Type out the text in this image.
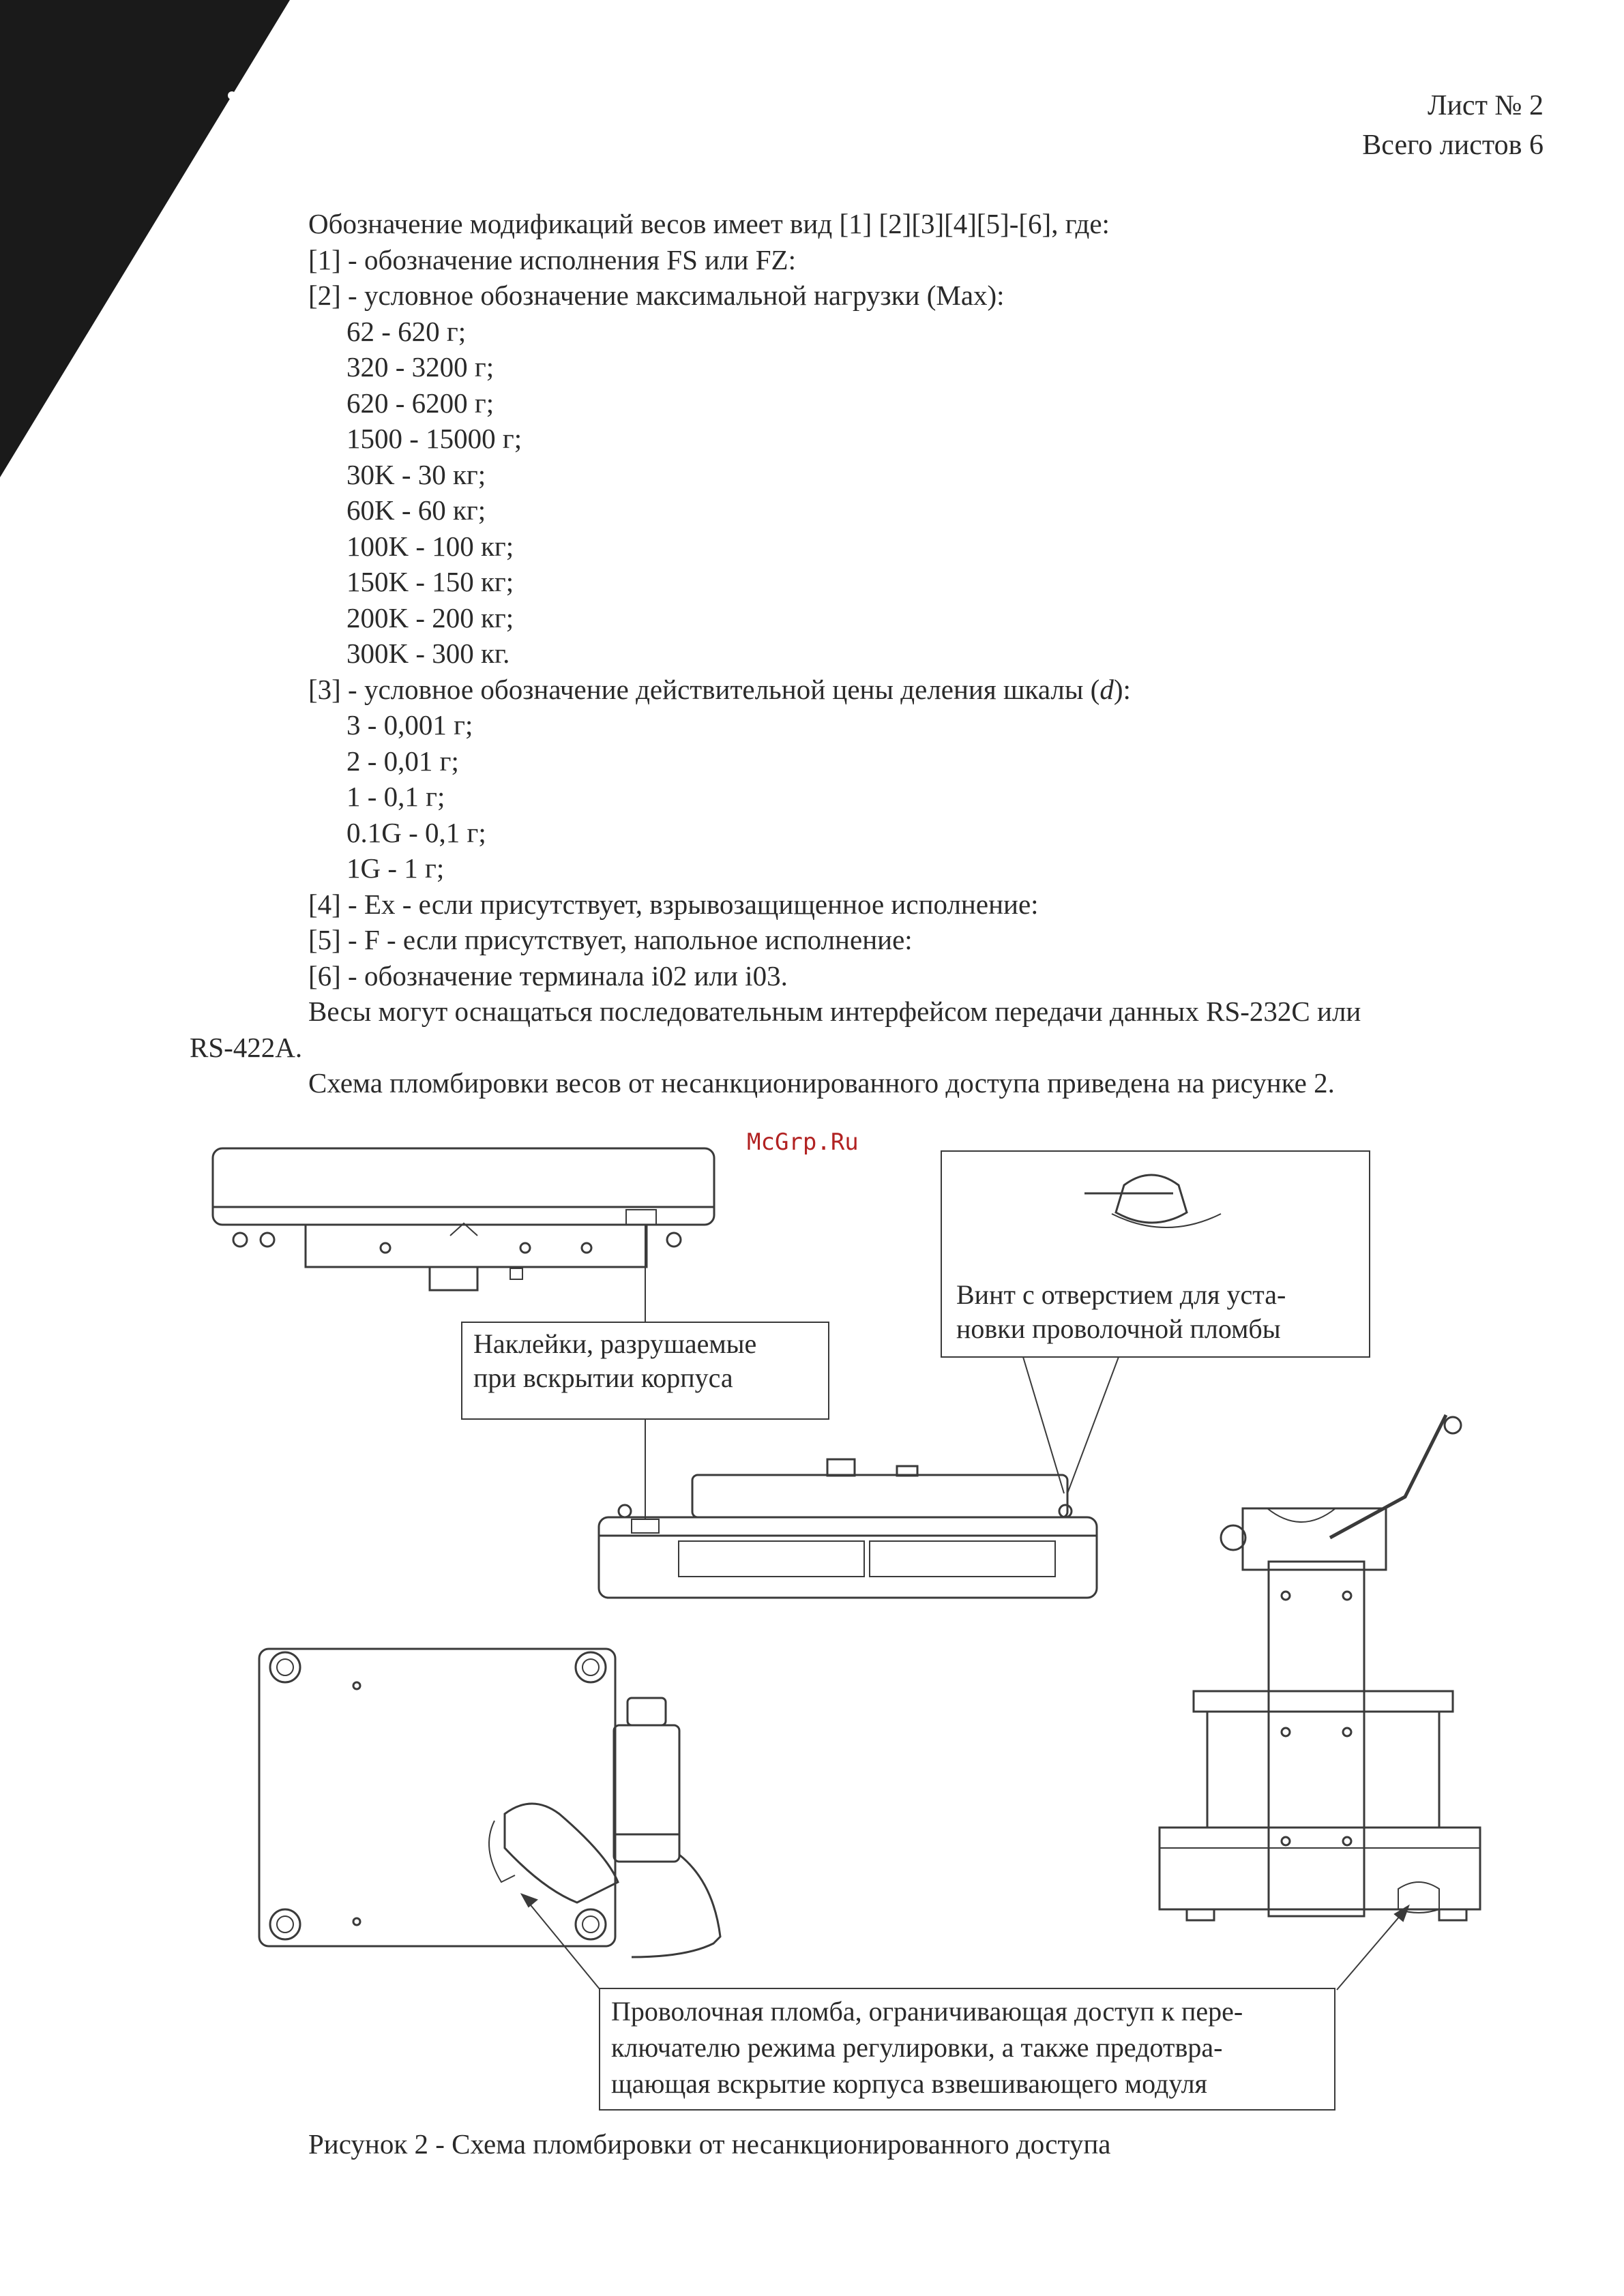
Лист № 2
Всего листов 6
Обозначение модификаций весов имеет вид [1] [2][3][4][5]-[6], где:
[1] - обозначение исполнения FS или FZ:
[2] - условное обозначение максимальной нагрузки (Max):
62 - 620 г;
320 - 3200 г;
620 - 6200 г;
1500 - 15000 г;
30K - 30 кг;
60K - 60 кг;
100K - 100 кг;
150K - 150 кг;
200K - 200 кг;
300K - 300 кг.
[3] - условное обозначение действительной цены деления шкалы (d):
3 - 0,001 г;
2 - 0,01 г;
1 - 0,1 г;
0.1G - 0,1 г;
1G - 1 г;
[4] - Ex - если присутствует, взрывозащищенное исполнение:
[5] - F - если присутствует, напольное исполнение:
[6] - обозначение терминала i02 или i03.
Весы могут оснащаться последовательным интерфейсом передачи данных RS-232C или
RS-422A.
Схема пломбировки весов от несанкционированного доступа приведена на рисунке 2.
McGrp.Ru
Наклейки, разрушаемые
при вскрытии корпуса
Винт с отверстием для уста-
новки проволочной пломбы
Проволочная пломба, ограничивающая доступ к пере-
ключателю режима регулировки, а также предотвра-
щающая вскрытие корпуса взвешивающего модуля
Рисунок 2 - Схема пломбировки от несанкционированного доступа
